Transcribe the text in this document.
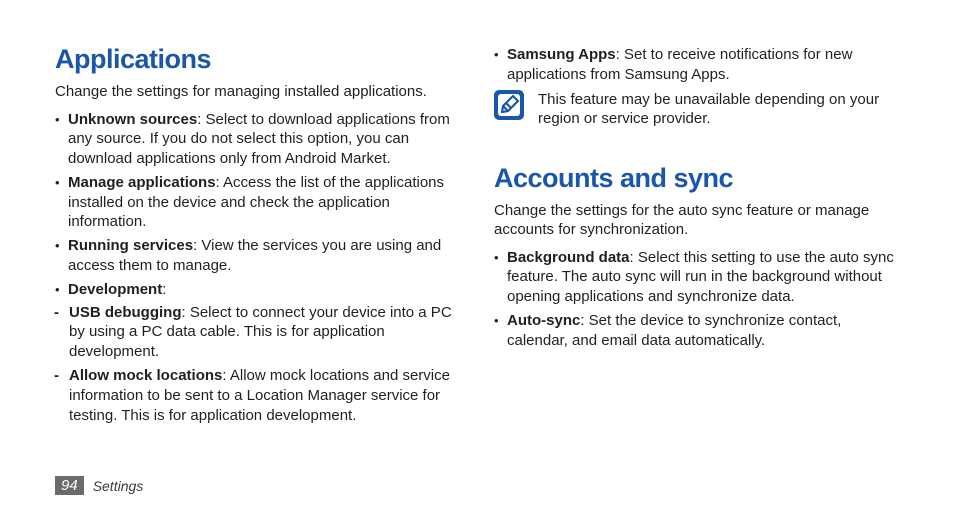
Applications

Change the settings for managing installed applications.

• Unknown sources: Select to download applications from any source. If you do not select this option, you can download applications only from Android Market.
• Manage applications: Access the list of the applications installed on the device and check the application information.
• Running services: View the services you are using and access them to manage.
• Development:
- USB debugging: Select to connect your device into a PC by using a PC data cable. This is for application development.
- Allow mock locations: Allow mock locations and service information to be sent to a Location Manager service for testing. This is for application development.
• Samsung Apps: Set to receive notifications for new applications from Samsung Apps.

This feature may be unavailable depending on your region or service provider.

Accounts and sync

Change the settings for the auto sync feature or manage accounts for synchronization.

• Background data: Select this setting to use the auto sync feature. The auto sync will run in the background without opening applications and synchronize data.
• Auto-sync: Set the device to synchronize contact, calendar, and email data automatically.
94	Settings
